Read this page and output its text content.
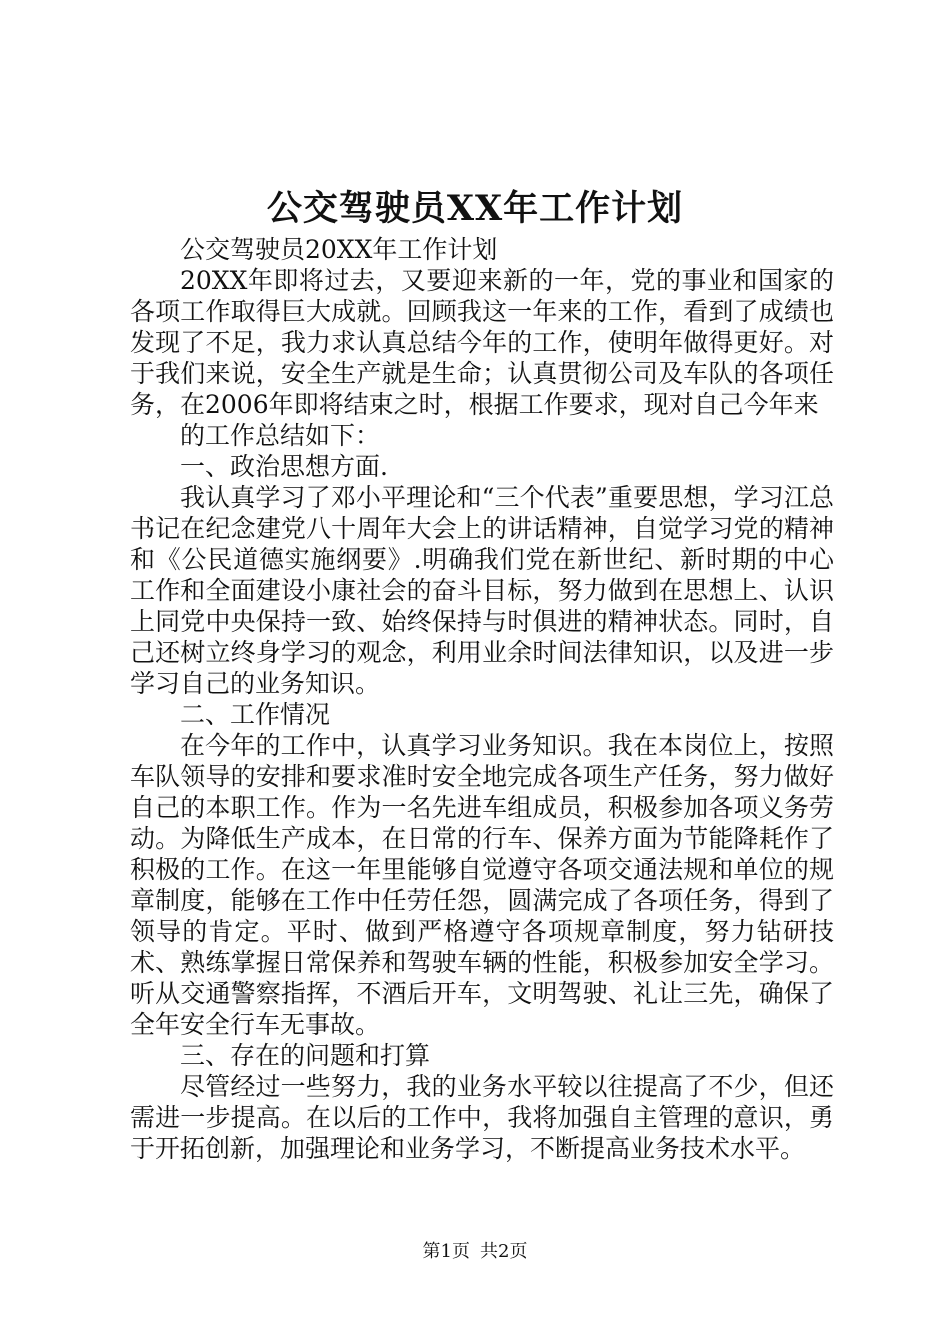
公交驾驶员XX年工作计划

公交驾驶员20XX年工作计划

20XX年即将过去，又要迎来新的一年，党的事业和国家的各项工作取得巨大成就。回顾我这一年来的工作，看到了成绩也发现了不足，我力求认真总结今年的工作，使明年做得更好。对于我们来说，安全生产就是生命；认真贯彻公司及车队的各项任务，在2006年即将结束之时，根据工作要求，现对自己今年来

的工作总结如下：

一、政治思想方面.

我认真学习了邓小平理论和“三个代表”重要思想，学习江总书记在纪念建党八十周年大会上的讲话精神，自觉学习党的精神和《公民道德实施纲要》.明确我们党在新世纪、新时期的中心工作和全面建设小康社会的奋斗目标，努力做到在思想上、认识上同党中央保持一致、始终保持与时俱进的精神状态。同时，自己还树立终身学习的观念，利用业余时间法律知识，以及进一步学习自己的业务知识。

二、工作情况

在今年的工作中，认真学习业务知识。我在本岗位上，按照车队领导的安排和要求准时安全地完成各项生产任务，努力做好自己的本职工作。作为一名先进车组成员，积极参加各项义务劳动。为降低生产成本，在日常的行车、保养方面为节能降耗作了积极的工作。在这一年里能够自觉遵守各项交通法规和单位的规章制度，能够在工作中任劳任怨，圆满完成了各项任务，得到了领导的肯定。平时、做到严格遵守各项规章制度，努力钻研技术、熟练掌握日常保养和驾驶车辆的性能，积极参加安全学习。听从交通警察指挥，不酒后开车，文明驾驶、礼让三先，确保了全年安全行车无事故。

三、存在的问题和打算

尽管经过一些努力，我的业务水平较以往提高了不少，但还需进一步提高。在以后的工作中，我将加强自主管理的意识，勇于开拓创新，加强理论和业务学习，不断提高业务技术水平。

第1页 共2页
